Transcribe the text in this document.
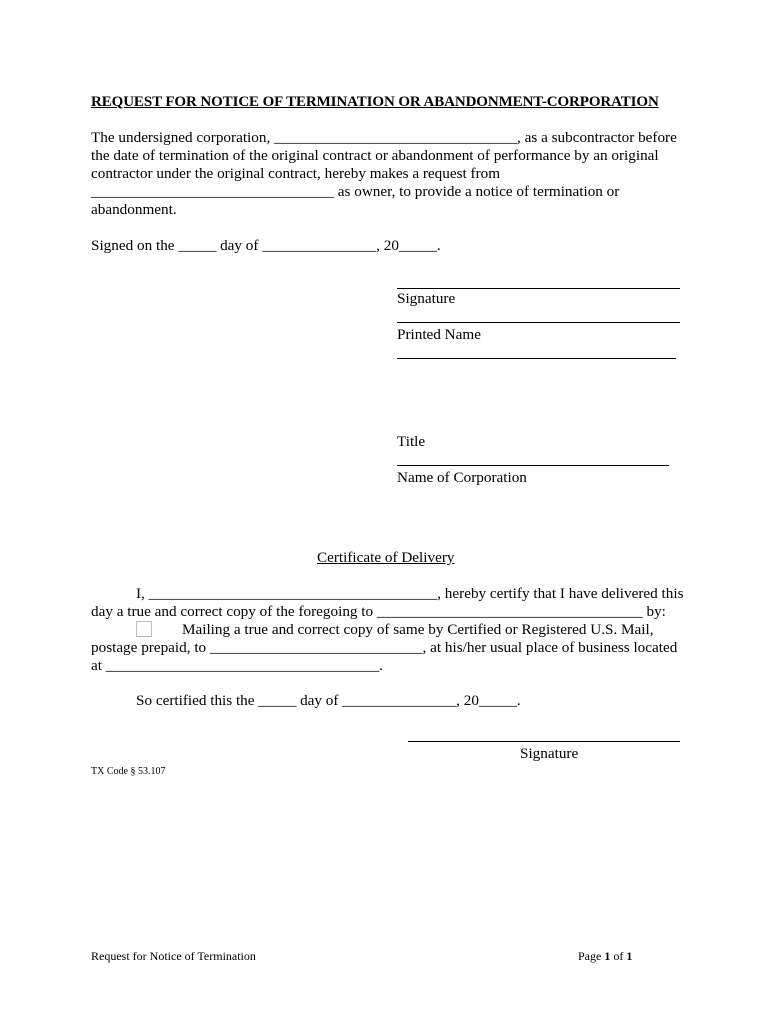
REQUEST FOR NOTICE OF TERMINATION OR ABANDONMENT-CORPORATION
The undersigned corporation, ________________________________, as a subcontractor before
the date of termination of the original contract or abandonment of performance by an original
contractor under the original contract, hereby makes a request from
________________________________ as owner, to provide a notice of termination or
abandonment.
Signed on the _____ day of _______________, 20_____.
Signature
Printed Name
Title
Name of Corporation
Certificate of Delivery
I, ______________________________________, hereby certify that I have delivered this
day a true and correct copy of the foregoing to ___________________________________ by:
Mailing a true and correct copy of same by Certified or Registered U.S. Mail,
postage prepaid, to ____________________________, at his/her usual place of business located
at ____________________________________.
So certified this the _____ day of _______________, 20_____.
Signature
TX Code § 53.107
Request for Notice of Termination	Page 1 of 1
